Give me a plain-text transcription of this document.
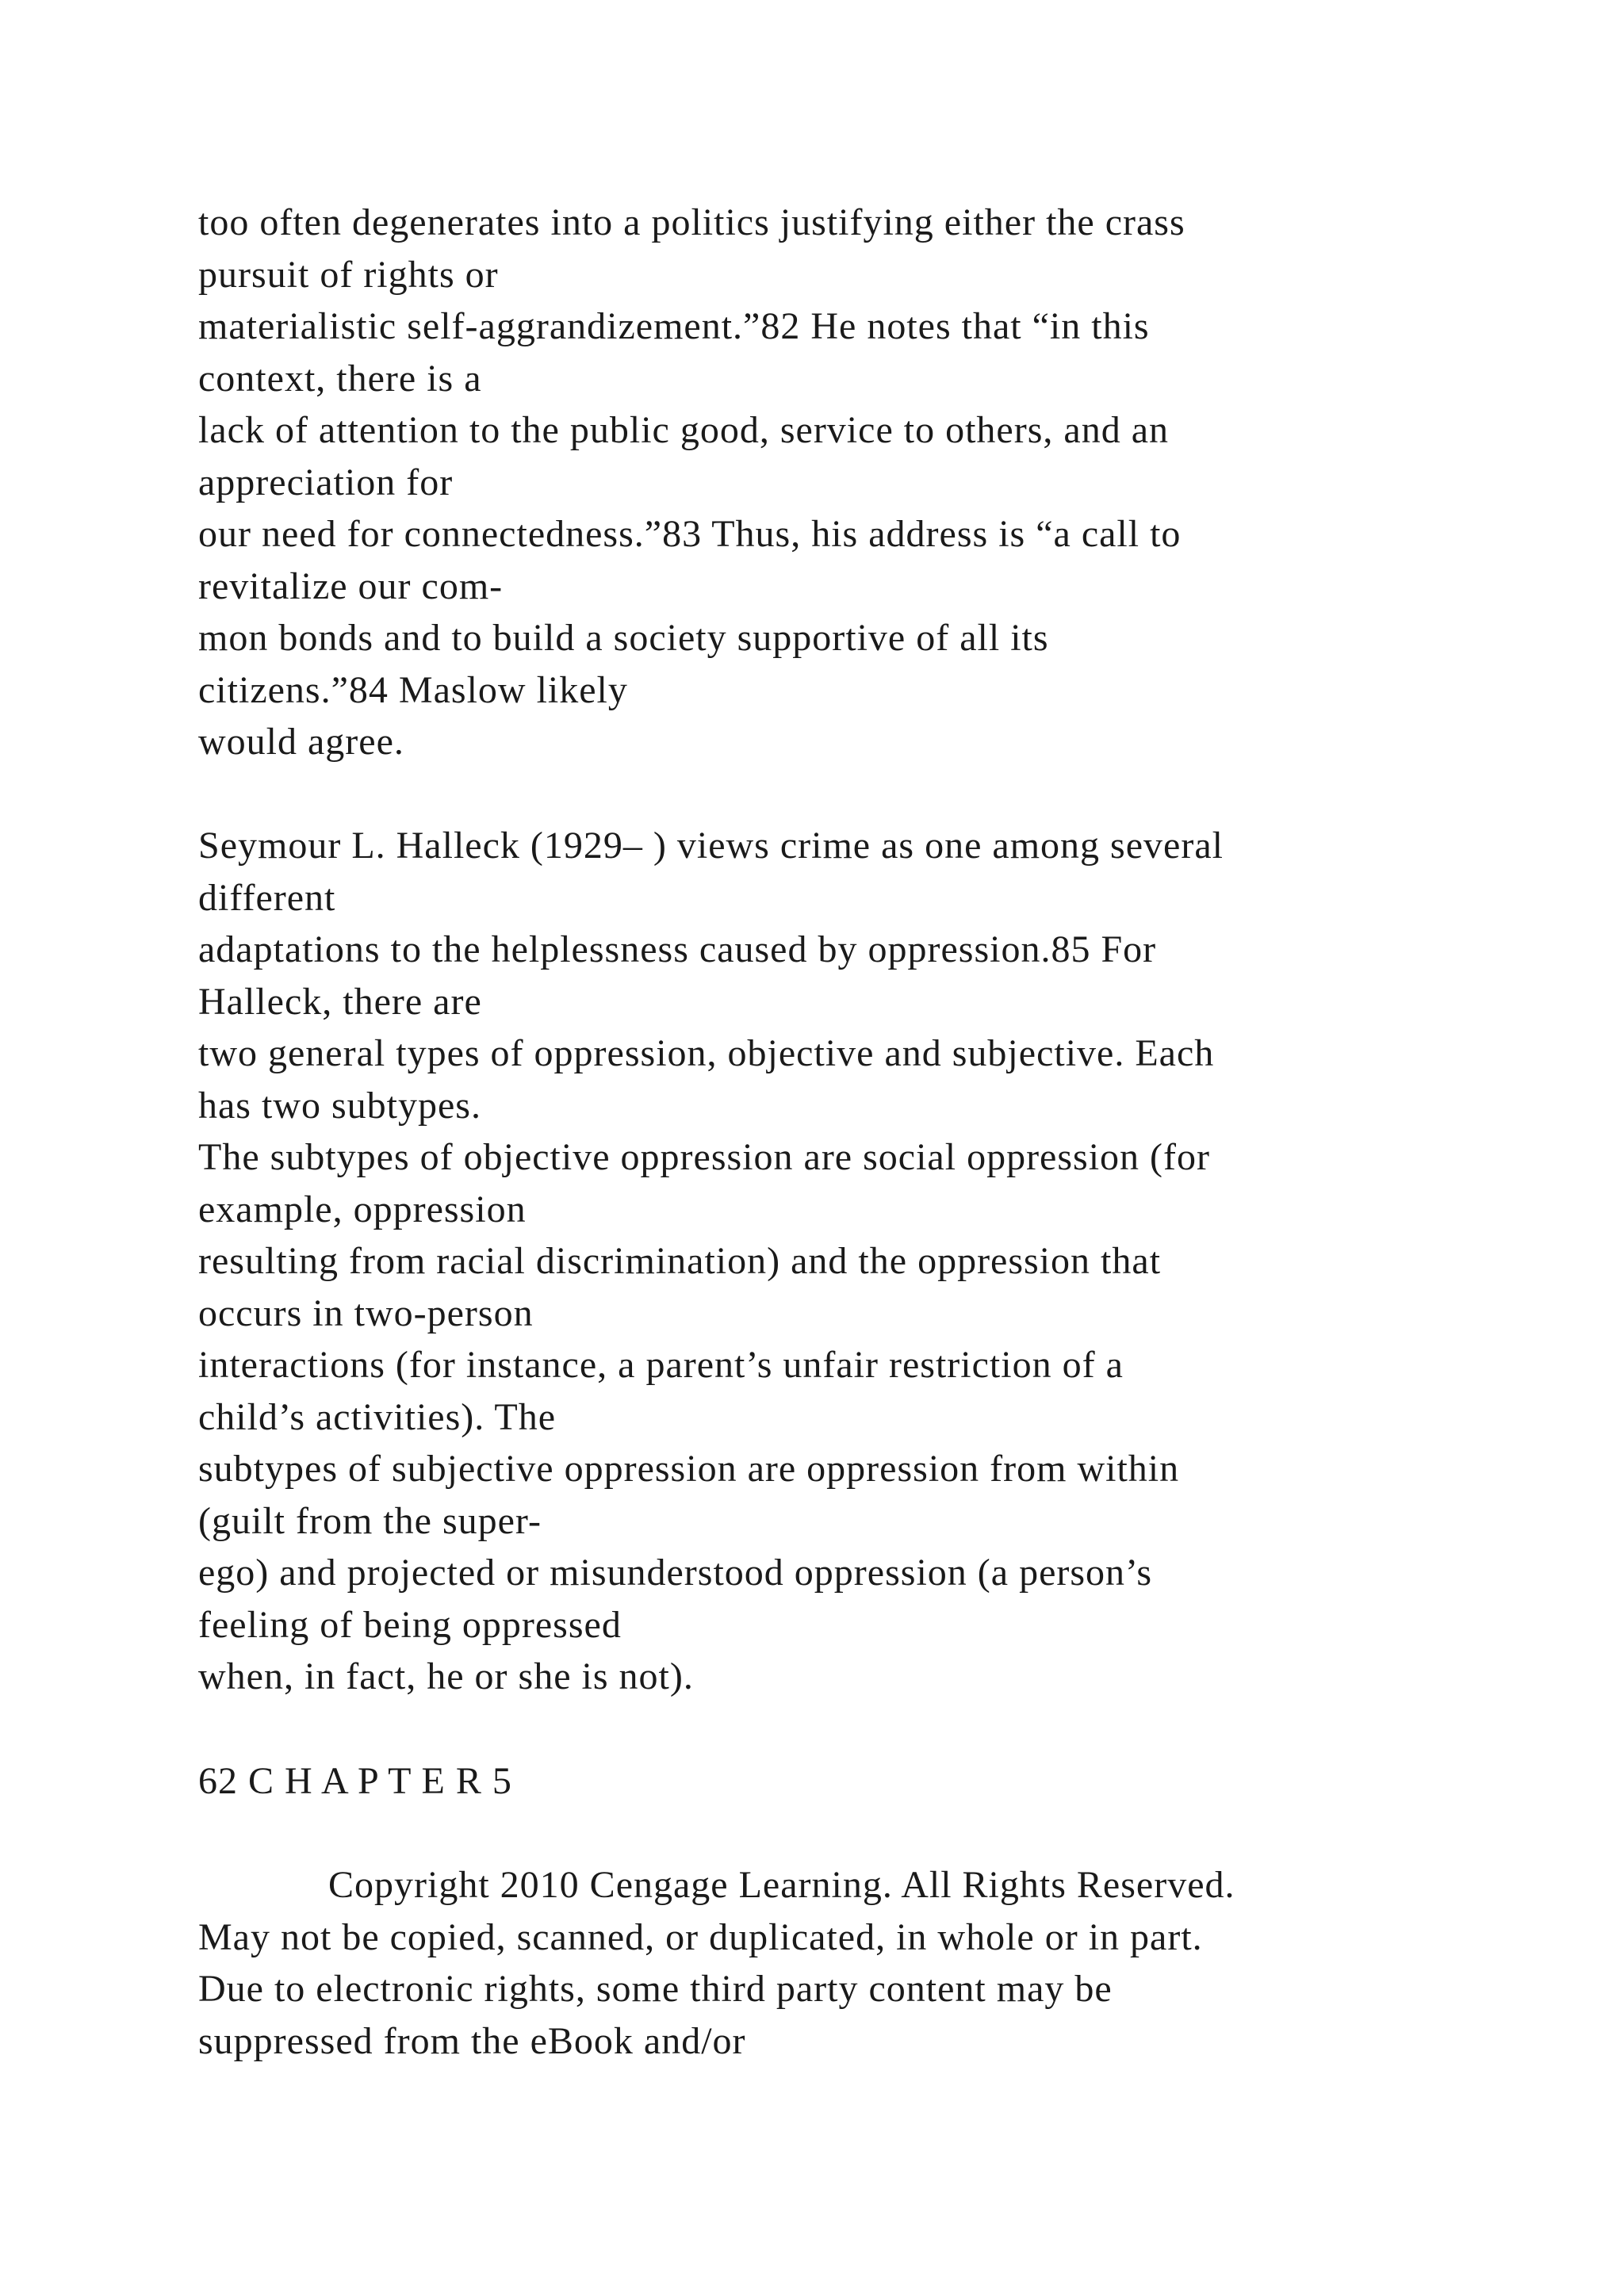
too often degenerates into a politics justifying either the crass
pursuit of rights or
materialistic self-aggrandizement.”82 He notes that “in this
context, there is a
lack of attention to the public good, service to others, and an
appreciation for
our need for connectedness.”83 Thus, his address is “a call to
revitalize our com-
mon bonds and to build a society supportive of all its
citizens.”84 Maslow likely
would agree.
Seymour L. Halleck (1929– ) views crime as one among several
different
adaptations to the helplessness caused by oppression.85 For
Halleck, there are
two general types of oppression, objective and subjective. Each
has two subtypes.
The subtypes of objective oppression are social oppression (for
example, oppression
resulting from racial discrimination) and the oppression that
occurs in two-person
interactions (for instance, a parent’s unfair restriction of a
child’s activities). The
subtypes of subjective oppression are oppression from within
(guilt from the super-
ego) and projected or misunderstood oppression (a person’s
feeling of being oppressed
when, in fact, he or she is not).
62 C H A P T E R 5
Copyright 2010 Cengage Learning. All Rights Reserved.
May not be copied, scanned, or duplicated, in whole or in part.
Due to electronic rights, some third party content may be
suppressed from the eBook and/or
